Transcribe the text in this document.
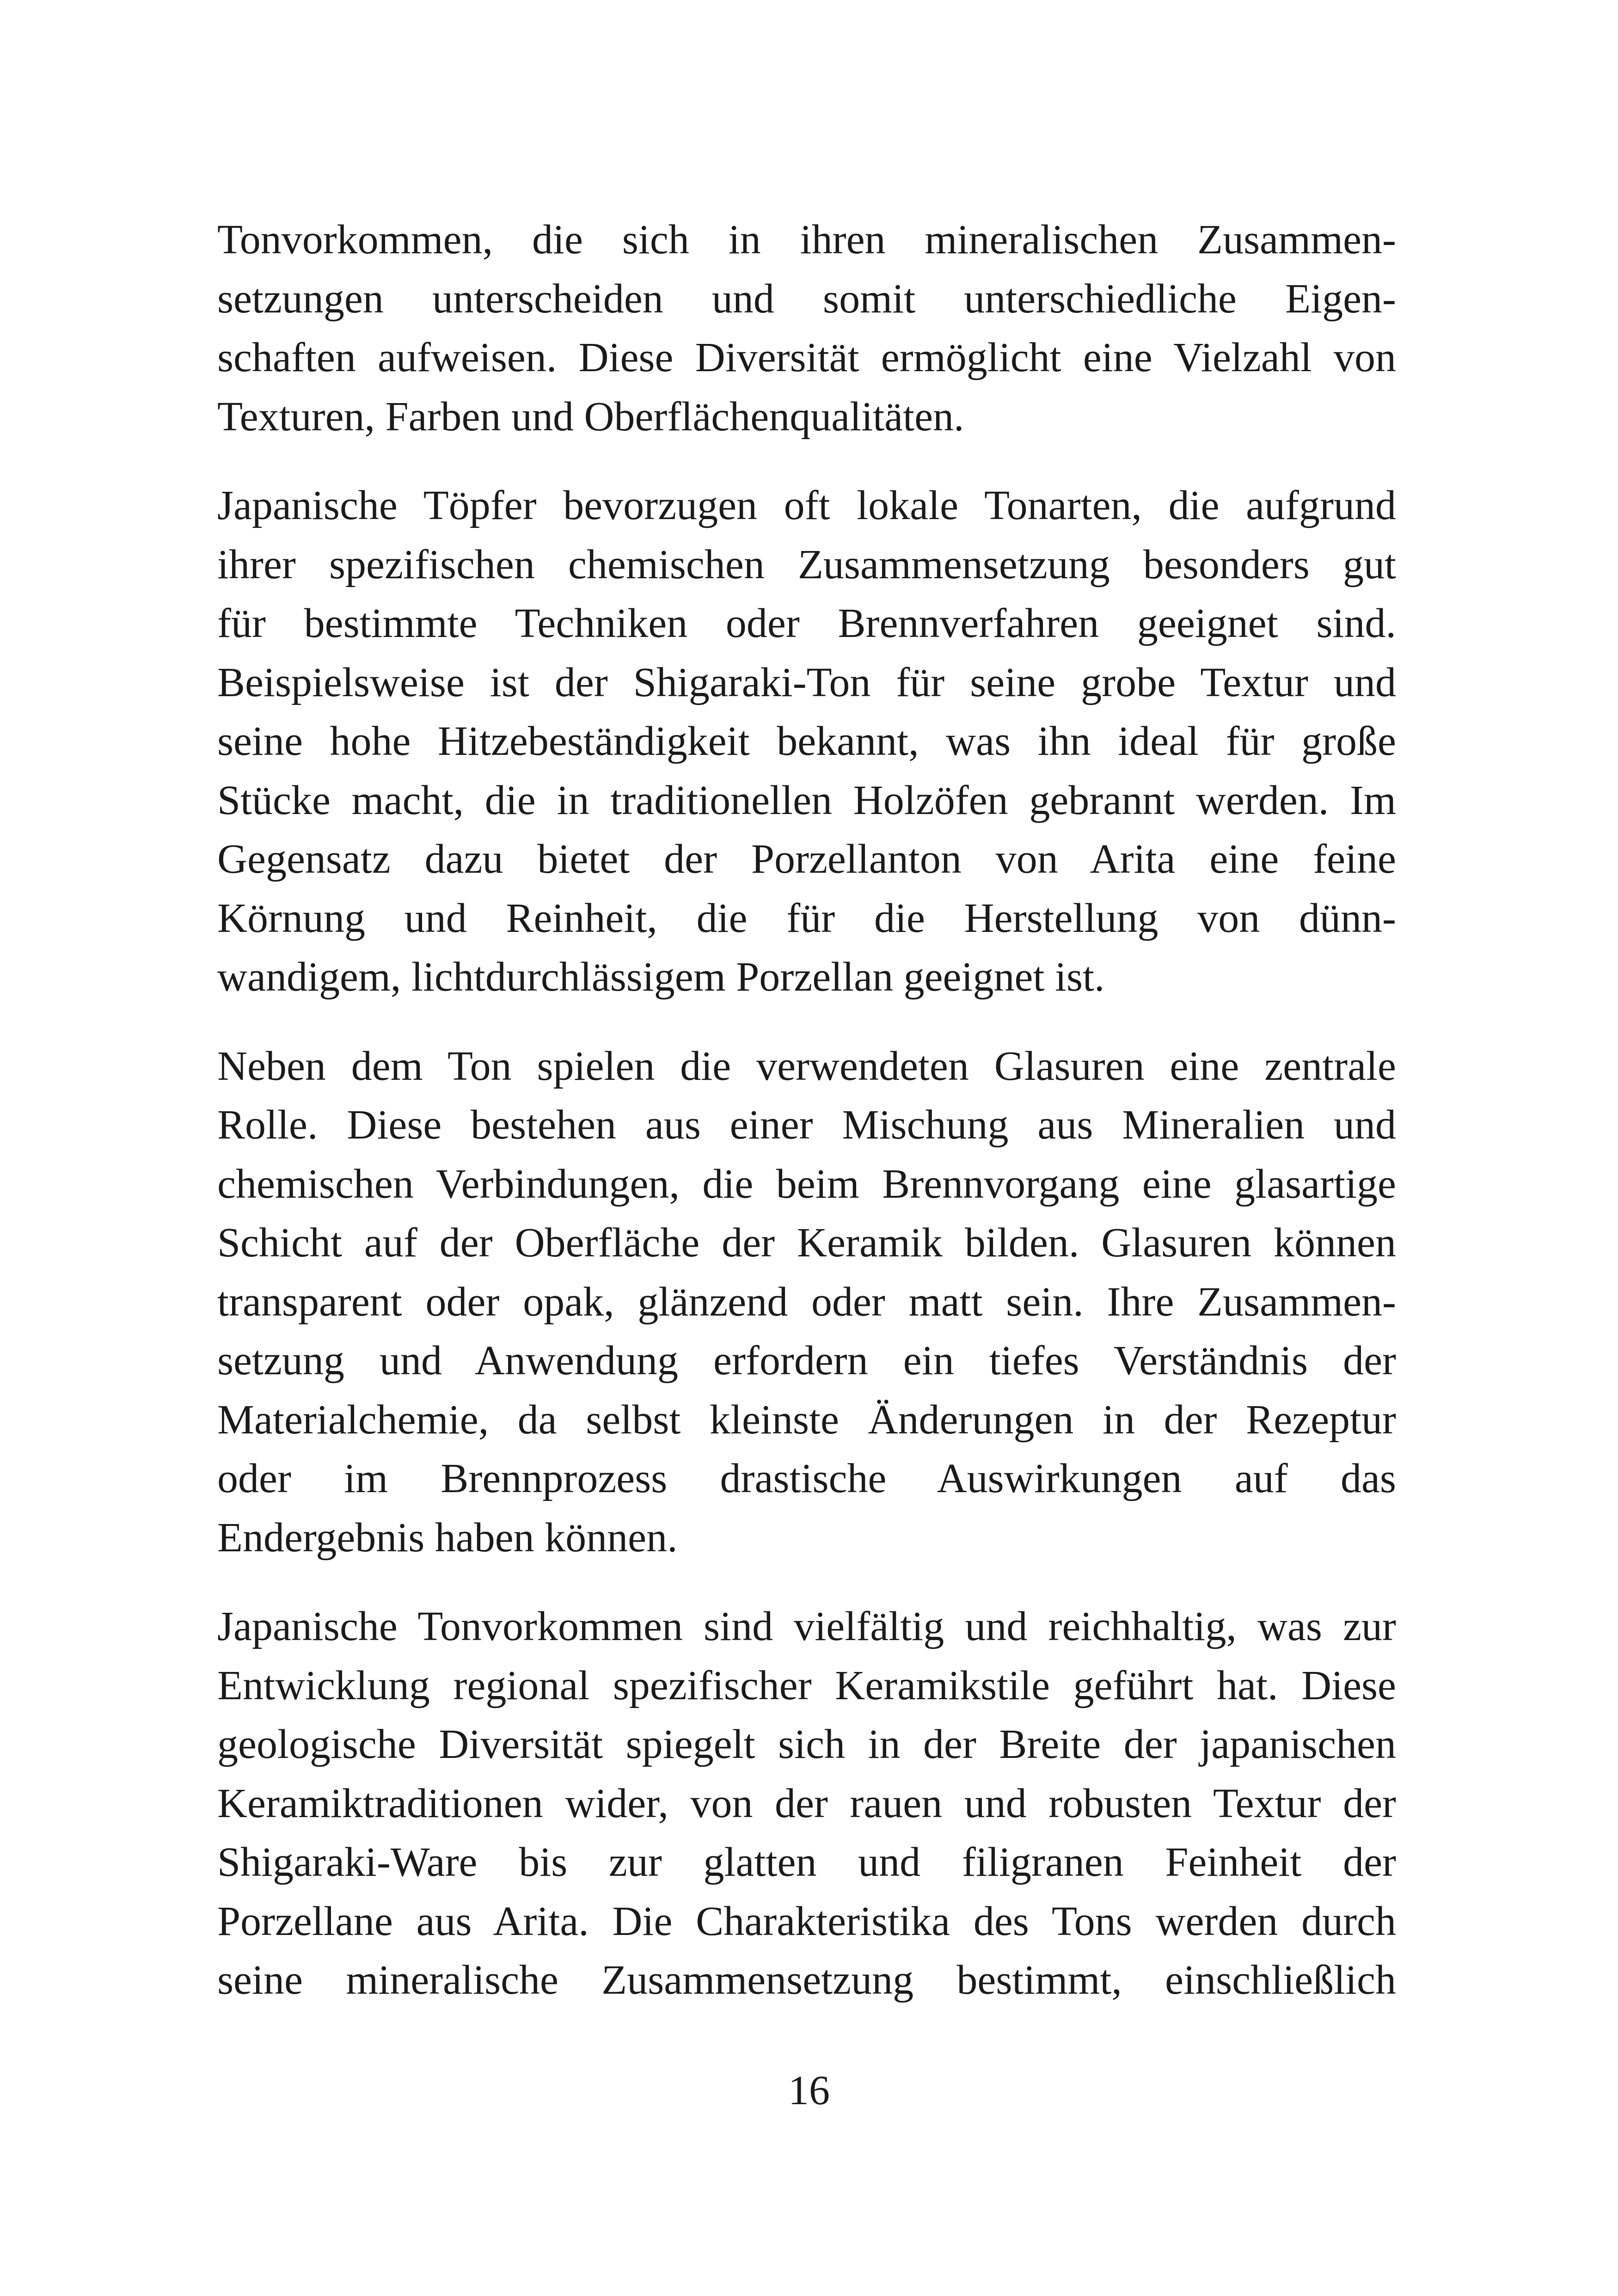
Tonvorkommen, die sich in ihren mineralischen Zusammen-
setzungen unterscheiden und somit unterschiedliche Eigen-
schaften aufweisen. Diese Diversität ermöglicht eine Vielzahl von
Texturen, Farben und Oberflächenqualitäten.

Japanische Töpfer bevorzugen oft lokale Tonarten, die aufgrund
ihrer spezifischen chemischen Zusammensetzung besonders gut
für bestimmte Techniken oder Brennverfahren geeignet sind.
Beispielsweise ist der Shigaraki-Ton für seine grobe Textur und
seine hohe Hitzebeständigkeit bekannt, was ihn ideal für große
Stücke macht, die in traditionellen Holzöfen gebrannt werden. Im
Gegensatz dazu bietet der Porzellanton von Arita eine feine
Körnung und Reinheit, die für die Herstellung von dünn-
wandigem, lichtdurchlässigem Porzellan geeignet ist.

Neben dem Ton spielen die verwendeten Glasuren eine zentrale
Rolle. Diese bestehen aus einer Mischung aus Mineralien und
chemischen Verbindungen, die beim Brennvorgang eine glasartige
Schicht auf der Oberfläche der Keramik bilden. Glasuren können
transparent oder opak, glänzend oder matt sein. Ihre Zusammen-
setzung und Anwendung erfordern ein tiefes Verständnis der
Materialchemie, da selbst kleinste Änderungen in der Rezeptur
oder im Brennprozess drastische Auswirkungen auf das
Endergebnis haben können.

Japanische Tonvorkommen sind vielfältig und reichhaltig, was zur
Entwicklung regional spezifischer Keramikstile geführt hat. Diese
geologische Diversität spiegelt sich in der Breite der japanischen
Keramiktraditionen wider, von der rauen und robusten Textur der
Shigaraki-Ware bis zur glatten und filigranen Feinheit der
Porzellane aus Arita. Die Charakteristika des Tons werden durch
seine mineralische Zusammensetzung bestimmt, einschließlich

16
